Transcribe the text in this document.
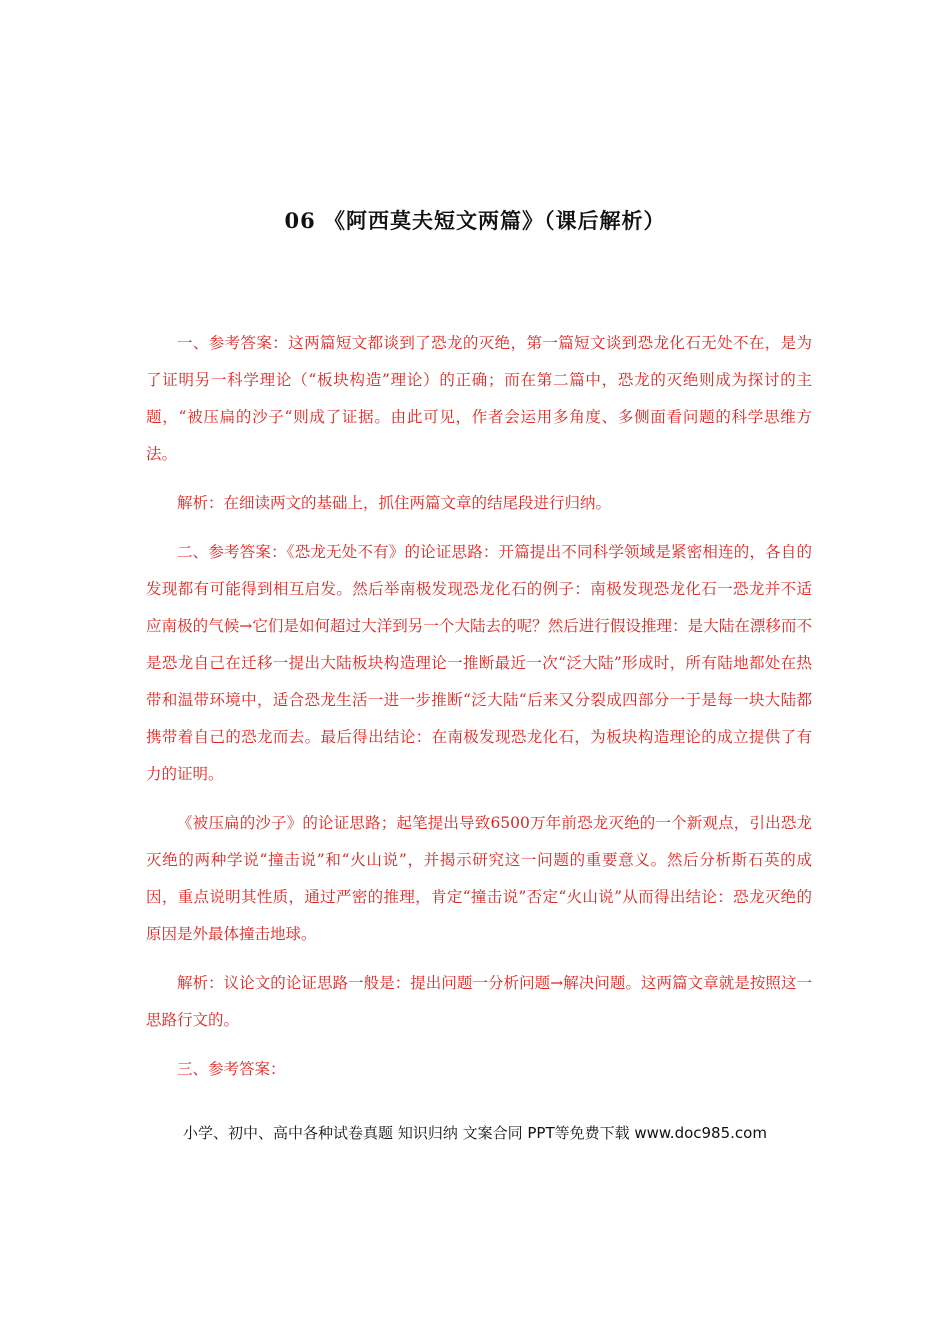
06 《阿西莫夫短文两篇》（课后解析）

一、参考答案：这两篇短文都谈到了恐龙的灭绝，第一篇短文谈到恐龙化石无处不在，是为了证明另一科学理论（“板块构造”理论）的正确；而在第二篇中，恐龙的灭绝则成为探讨的主题，“被压扁的沙子“则成了证据。由此可见，作者会运用多角度、多侧面看问题的科学思维方法。

解析：在细读两文的基础上，抓住两篇文章的结尾段进行归纳。

二、参考答案：《恐龙无处不有》的论证思路：开篇提出不同科学领域是紧密相连的，各自的发现都有可能得到相互启发。然后举南极发现恐龙化石的例子：南极发现恐龙化石一恐龙并不适应南极的气候→它们是如何超过大洋到另一个大陆去的呢？然后进行假设推理：是大陆在漂移而不是恐龙自己在迁移一提出大陆板块构造理论一推断最近一次“泛大陆”形成时，所有陆地都处在热带和温带环境中，适合恐龙生活一进一步推断“泛大陆“后来又分裂成四部分一于是每一块大陆都携带着自己的恐龙而去。最后得出结论：在南极发现恐龙化石，为板块构造理论的成立提供了有力的证明。

《被压扁的沙子》的论证思路；起笔提出导致6500万年前恐龙灭绝的一个新观点，引出恐龙灭绝的两种学说“撞击说”和“火山说”，并揭示研究这一问题的重要意义。然后分析斯石英的成因，重点说明其性质，通过严密的推理，肯定“撞击说”否定“火山说”从而得出结论：恐龙灭绝的原因是外最体撞击地球。

解析：议论文的论证思路一般是：提出问题一分析问题→解决问题。这两篇文章就是按照这一思路行文的。

三、参考答案：

小学、初中、高中各种试卷真题 知识归纳 文案合同 PPT等免费下载 www.doc985.com
